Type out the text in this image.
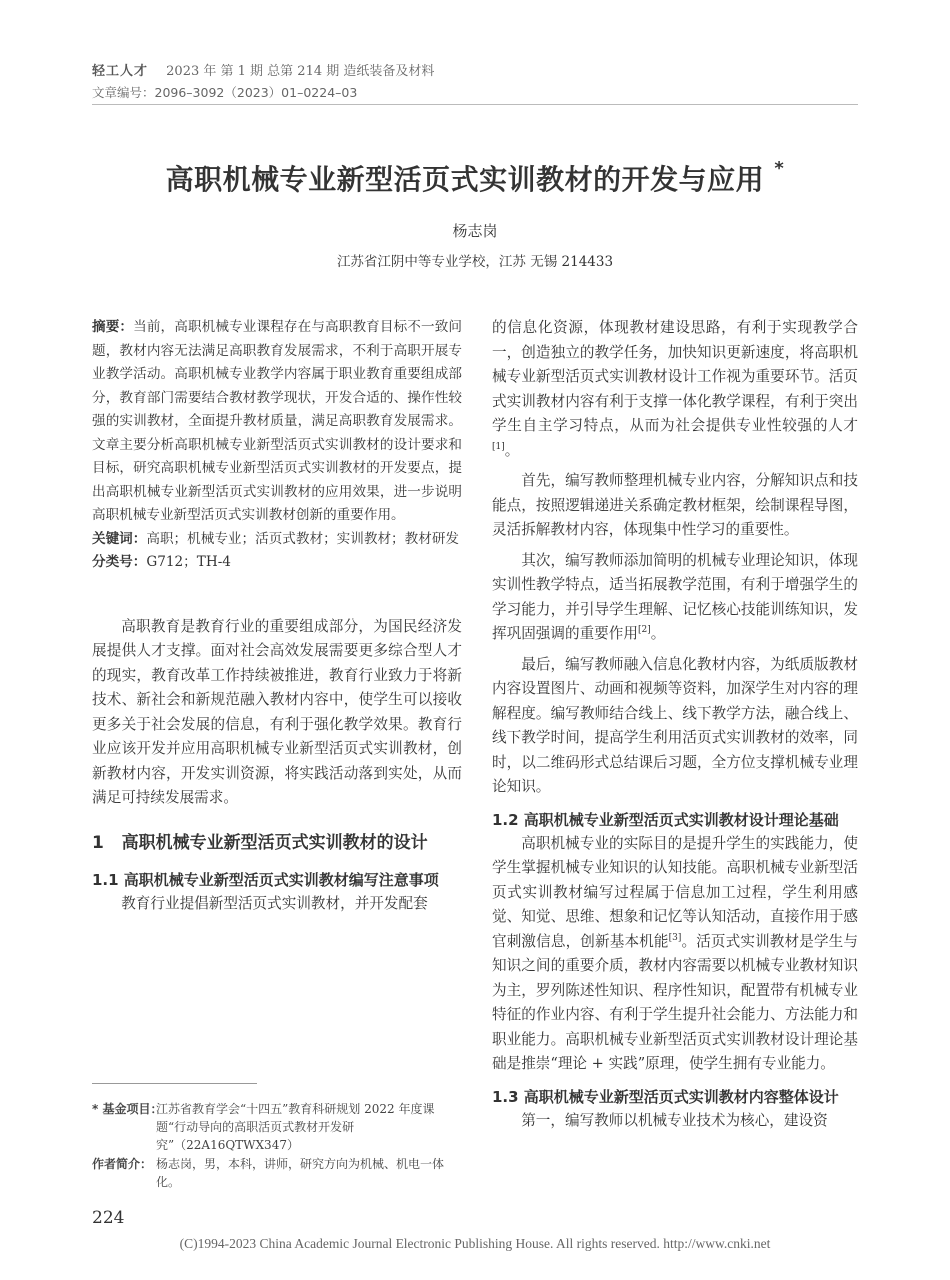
轻工人才 2023 年 第 1 期 总第 214 期 造纸装备及材料
文章编号：2096–3092（2023）01–0224–03
高职机械专业新型活页式实训教材的开发与应用 *
杨志岗
江苏省江阴中等专业学校，江苏 无锡 214433

摘要：当前，高职机械专业课程存在与高职教育目标不一致问题，教材内容无法满足高职教育发展需求，不利于高职开展专业教学活动。高职机械专业教学内容属于职业教育重要组成部分，教育部门需要结合教材教学现状，开发合适的、操作性较强的实训教材，全面提升教材质量，满足高职教育发展需求。文章主要分析高职机械专业新型活页式实训教材的设计要求和目标，研究高职机械专业新型活页式实训教材的开发要点，提出高职机械专业新型活页式实训教材的应用效果，进一步说明高职机械专业新型活页式实训教材创新的重要作用。

关键词：高职；机械专业；活页式教材；实训教材；教材研发

分类号：G712；TH-4

高职教育是教育行业的重要组成部分，为国民经济发展提供人才支撑。面对社会高效发展需要更多综合型人才的现实，教育改革工作持续被推进，教育行业致力于将新技术、新社会和新规范融入教材内容中，使学生可以接收更多关于社会发展的信息，有利于强化教学效果。教育行业应该开发并应用高职机械专业新型活页式实训教材，创新教材内容，开发实训资源，将实践活动落到实处，从而满足可持续发展需求。

1 高职机械专业新型活页式实训教材的设计
1.1 高职机械专业新型活页式实训教材编写注意事项

教育行业提倡新型活页式实训教材，并开发配套

的信息化资源，体现教材建设思路，有利于实现教学合一，创造独立的教学任务，加快知识更新速度，将高职机械专业新型活页式实训教材设计工作视为重要环节。活页式实训教材内容有利于支撑一体化教学课程，有利于突出学生自主学习特点，从而为社会提供专业性较强的人才[1]。

首先，编写教师整理机械专业内容，分解知识点和技能点，按照逻辑递进关系确定教材框架，绘制课程导图，灵活拆解教材内容，体现集中性学习的重要性。

其次，编写教师添加简明的机械专业理论知识，体现实训性教学特点，适当拓展教学范围，有利于增强学生的学习能力，并引导学生理解、记忆核心技能训练知识，发挥巩固强调的重要作用[2]。

最后，编写教师融入信息化教材内容，为纸质版教材内容设置图片、动画和视频等资料，加深学生对内容的理解程度。编写教师结合线上、线下教学方法，融合线上、线下教学时间，提高学生利用活页式实训教材的效率，同时，以二维码形式总结课后习题，全方位支撑机械专业理论知识。

1.2 高职机械专业新型活页式实训教材设计理论基础

高职机械专业的实际目的是提升学生的实践能力，使学生掌握机械专业知识的认知技能。高职机械专业新型活页式实训教材编写过程属于信息加工过程，学生利用感觉、知觉、思维、想象和记忆等认知活动，直接作用于感官刺激信息，创新基本机能[3]。活页式实训教材是学生与知识之间的重要介质，教材内容需要以机械专业教材知识为主，罗列陈述性知识、程序性知识，配置带有机械专业特征的作业内容、有利于学生提升社会能力、方法能力和职业能力。高职机械专业新型活页式实训教材设计理论基础是推崇“理论 + 实践”原理，使学生拥有专业能力。

1.3 高职机械专业新型活页式实训教材内容整体设计

第一，编写教师以机械专业技术为核心，建设资

* 基金项目：
江苏省教育学会“十四五”教育科研规划 2022 年度课题“行动导向的高职活页式教材开发研究”（22A16QTWX347）
作者简介： 杨志岗，男，本科，讲师，研究方向为机械、机电一体化。
224
(C)1994-2023 China Academic Journal Electronic Publishing House. All rights reserved. http://www.cnki.net
